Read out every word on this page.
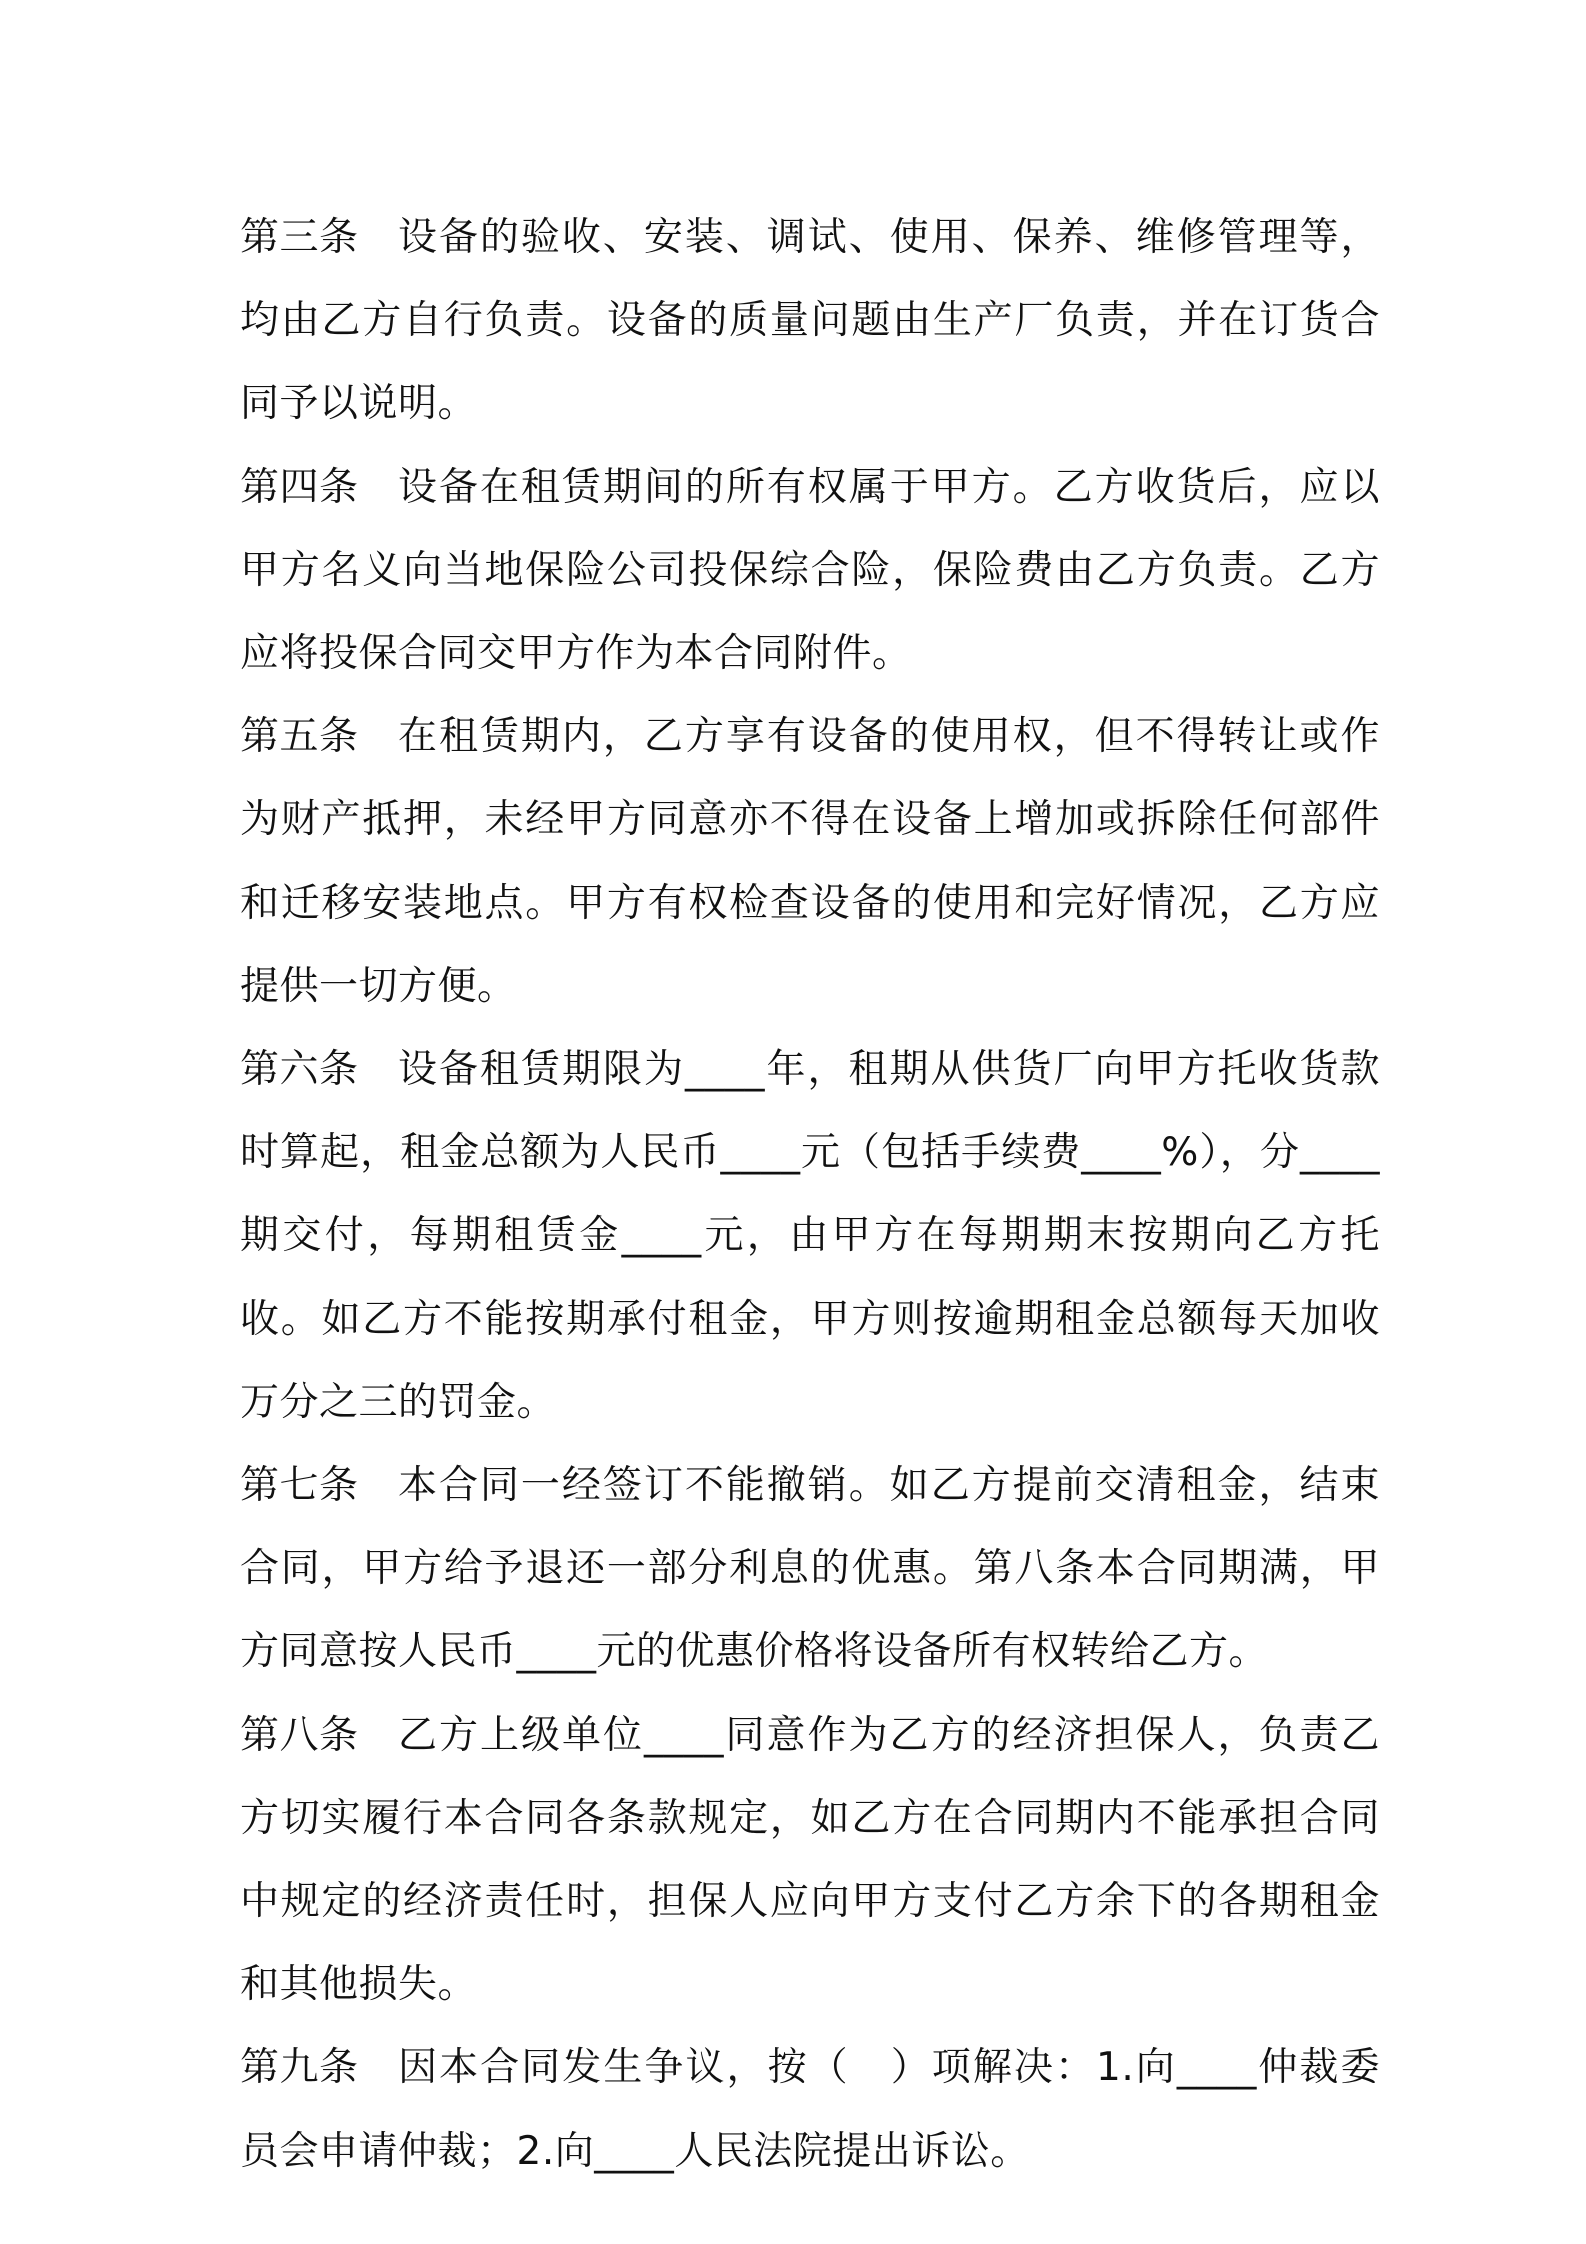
第三条 设备的验收、安装、调试、使用、保养、维修管理等，均由乙方自行负责。设备的质量问题由生产厂负责，并在订货合同予以说明。

第四条 设备在租赁期间的所有权属于甲方。乙方收货后，应以甲方名义向当地保险公司投保综合险，保险费由乙方负责。乙方应将投保合同交甲方作为本合同附件。

第五条 在租赁期内，乙方享有设备的使用权，但不得转让或作为财产抵押，未经甲方同意亦不得在设备上增加或拆除任何部件和迁移安装地点。甲方有权检查设备的使用和完好情况，乙方应提供一切方便。

第六条 设备租赁期限为____年，租期从供货厂向甲方托收货款时算起，租金总额为人民币____元（包括手续费____%），分____期交付，每期租赁金____元，由甲方在每期期末按期向乙方托收。如乙方不能按期承付租金，甲方则按逾期租金总额每天加收万分之三的罚金。

第七条 本合同一经签订不能撤销。如乙方提前交清租金，结束合同，甲方给予退还一部分利息的优惠。第八条本合同期满，甲方同意按人民币____元的优惠价格将设备所有权转给乙方。

第八条 乙方上级单位____同意作为乙方的经济担保人，负责乙方切实履行本合同各条款规定，如乙方在合同期内不能承担合同中规定的经济责任时，担保人应向甲方支付乙方余下的各期租金和其他损失。

第九条 因本合同发生争议，按（　）项解决：1.向____仲裁委员会申请仲裁；2.向____人民法院提出诉讼。
